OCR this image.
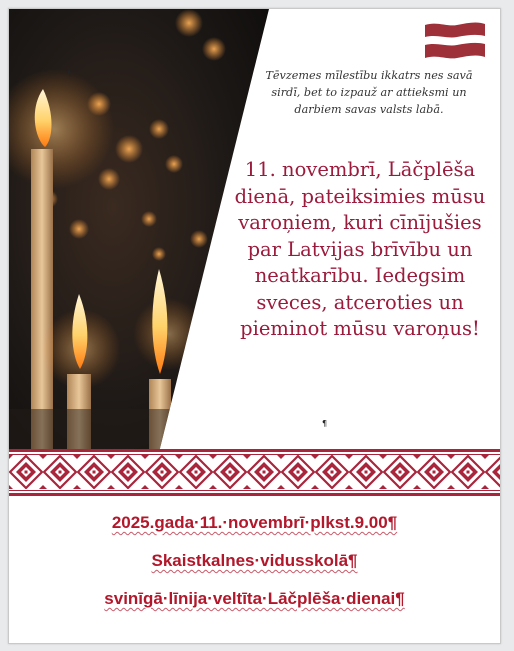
¶	Tēvzemes mīlestību ikkatrs nes savā sirdī, bet to izpauž ar attieksmi un darbiem savas valsts labā.

11. novembrī, Lāčplēša dienā, pateiksimies mūsu varoņiem, kuri cīnījušies par Latvijas brīvību un neatkarību. Iedegsim sveces, atceroties un pieminot mūsu varoņus!

¶

2025.gada·11.·novembrī·plkst.9.00¶

Skaistkalnes·vidusskolā¶

svinīgā·līnija·veltīta·Lāčplēša·dienai¶
